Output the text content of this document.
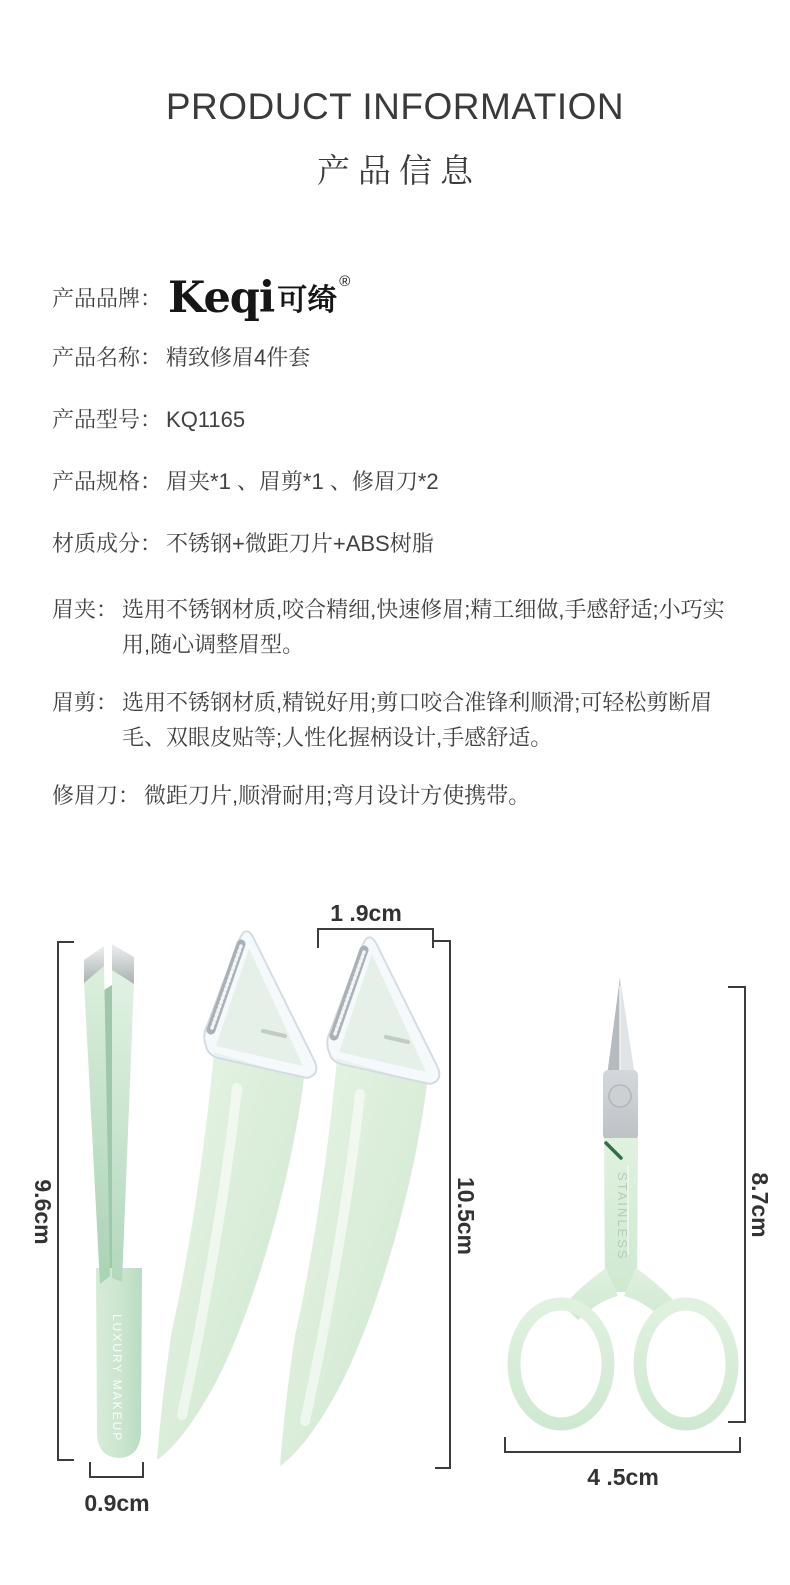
PRODUCT INFORMATION
产品信息
产品品牌： Keqi 可绮
®
产品名称： 精致修眉4件套
产品型号： KQ1165
产品规格： 眉夹*1 、眉剪*1 、修眉刀*2
材质成分： 不锈钢+微距刀片+ABS树脂
眉夹： 选用不锈钢材质,咬合精细,快速修眉;精工细做,手感舒适;小巧实用,随心调整眉型。
眉剪： 选用不锈钢材质,精锐好用;剪口咬合准锋利顺滑;可轻松剪断眉毛、双眼皮贴等;人性化握柄设计,手感舒适。
修眉刀： 微距刀片,顺滑耐用;弯月设计方使携带。
LUXURY MAKEUP
STAINLESS
9.6cm
0.9cm
1 .9cm
10.5cm	8.7cm
4 .5cm
